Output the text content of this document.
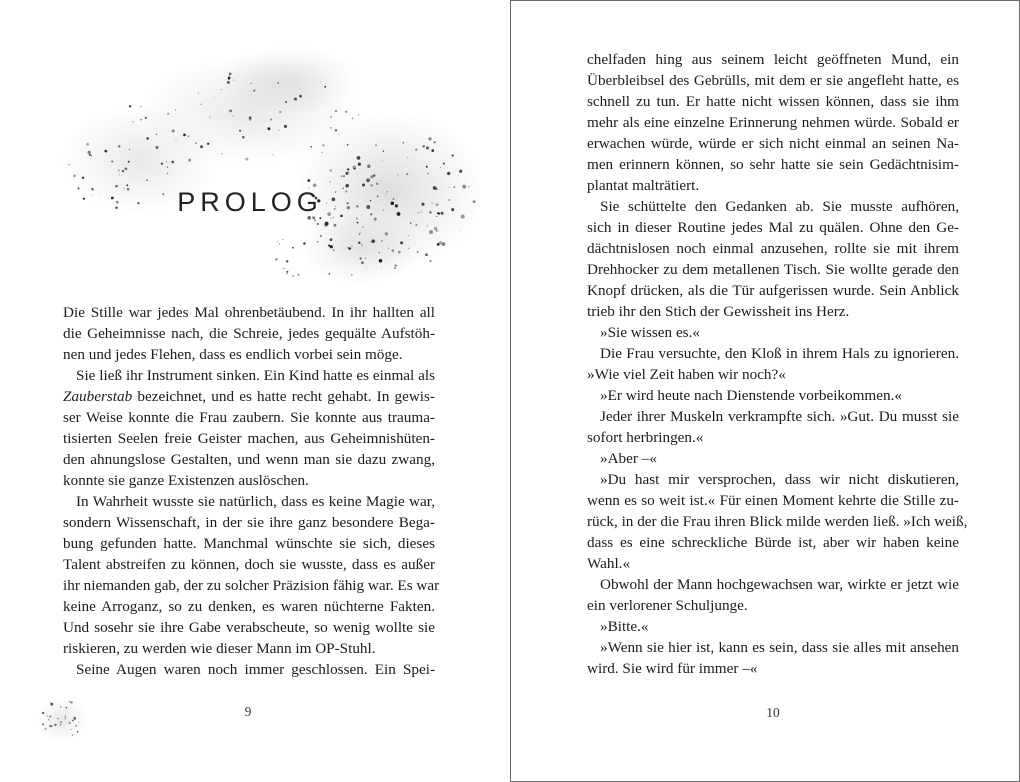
PROLOG
Die Stille war jedes Mal ohrenbetäubend. In ihr hallten all
die Geheimnisse nach, die Schreie, jedes gequälte Aufstöh-
nen und jedes Flehen, dass es endlich vorbei sein möge.
Sie ließ ihr Instrument sinken. Ein Kind hatte es einmal als
Zauberstab bezeichnet, und es hatte recht gehabt. In gewis-
ser Weise konnte die Frau zaubern. Sie konnte aus trauma-
tisierten Seelen freie Geister machen, aus Geheimnishüten-
den ahnungslose Gestalten, und wenn man sie dazu zwang,
konnte sie ganze Existenzen auslöschen.
In Wahrheit wusste sie natürlich, dass es keine Magie war,
sondern Wissenschaft, in der sie ihre ganz besondere Bega-
bung gefunden hatte. Manchmal wünschte sie sich, dieses
Talent abstreifen zu können, doch sie wusste, dass es außer
ihr niemanden gab, der zu solcher Präzision fähig war. Es war
keine Arroganz, so zu denken, es waren nüchterne Fakten.
Und sosehr sie ihre Gabe verabscheute, so wenig wollte sie
riskieren, zu werden wie dieser Mann im OP-Stuhl.
Seine Augen waren noch immer geschlossen. Ein Spei-
9
chelfaden hing aus seinem leicht geöffneten Mund, ein
Überbleibsel des Gebrülls, mit dem er sie angefleht hatte, es
schnell zu tun. Er hatte nicht wissen können, dass sie ihm
mehr als eine einzelne Erinnerung nehmen würde. Sobald er
erwachen würde, würde er sich nicht einmal an seinen Na-
men erinnern können, so sehr hatte sie sein Gedächtnisim-
plantat malträtiert.
Sie schüttelte den Gedanken ab. Sie musste aufhören,
sich in dieser Routine jedes Mal zu quälen. Ohne den Ge-
dächtnislosen noch einmal anzusehen, rollte sie mit ihrem
Drehhocker zu dem metallenen Tisch. Sie wollte gerade den
Knopf drücken, als die Tür aufgerissen wurde. Sein Anblick
trieb ihr den Stich der Gewissheit ins Herz.
»Sie wissen es.«
Die Frau versuchte, den Kloß in ihrem Hals zu ignorieren.
»Wie viel Zeit haben wir noch?«
»Er wird heute nach Dienstende vorbeikommen.«
Jeder ihrer Muskeln verkrampfte sich. »Gut. Du musst sie
sofort herbringen.«
»Aber –«
»Du hast mir versprochen, dass wir nicht diskutieren,
wenn es so weit ist.« Für einen Moment kehrte die Stille zu-
rück, in der die Frau ihren Blick milde werden ließ. »Ich weiß,
dass es eine schreckliche Bürde ist, aber wir haben keine
Wahl.«
Obwohl der Mann hochgewachsen war, wirkte er jetzt wie
ein verlorener Schuljunge.
»Bitte.«
»Wenn sie hier ist, kann es sein, dass sie alles mit ansehen
wird. Sie wird für immer –«
10
